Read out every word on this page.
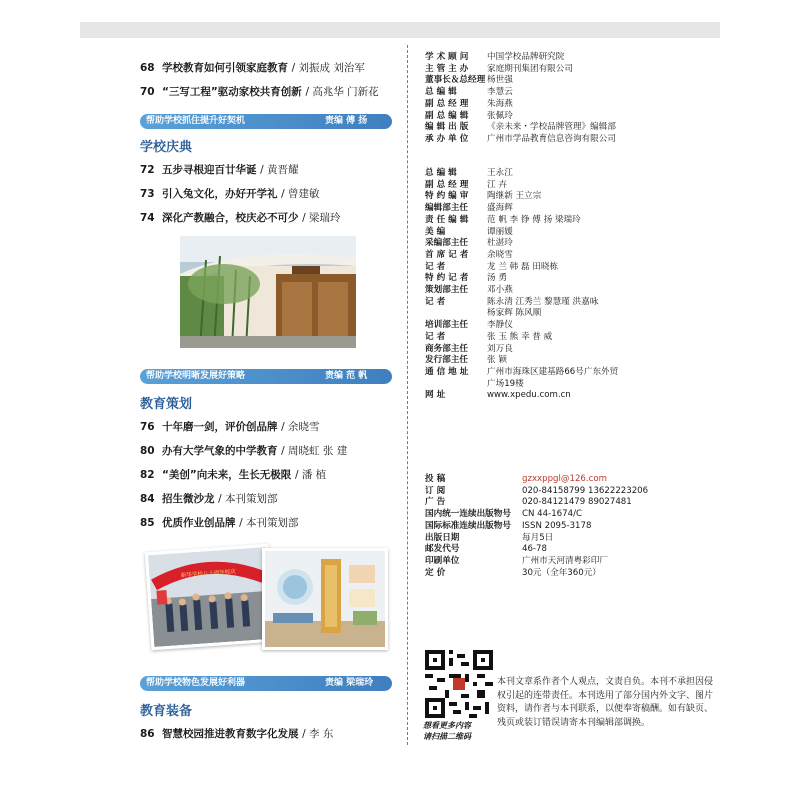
68 学校教育如何引领家庭教育 / 刘振成 刘治军
70 “三写工程”驱动家校共育创新 / 高兆华 门新花
帮助学校抓住提升好契机	责编 傅 扬
学校庆典
72 五步寻根迎百廿华诞 / 黄晋耀
73 引入兔文化，办好开学礼 / 曾建敏
74 深化产教融合，校庆必不可少 / 梁瑞玲
帮助学校明晰发展好策略	责编 范 帆
教育策划
76 十年磨一剑，评价创品牌 / 余晓雪
80 办有大学气象的中学教育 / 周晓虹 张 建
82 “美创”向未来，生长无极限 / 潘 植
84 招生微沙龙 / 本刊策划部
85 优质作业创品牌 / 本刊策划部
新华学校八十周年校庆
帮助学校物色发展好利器	责编 梁瑞玲
教育装备
86 智慧校园推进教育数字化发展 / 李 东
学 术 顾 问 中国学校品牌研究院
主 管 主 办 家庭期刊集团有限公司
董事长＆总经理 杨世强
总 编 辑	李慧云
副 总 经 理 朱海燕
副 总 编 辑 张佩玲
编 辑 出 版 《亲未来・学校品牌管理》编辑部
承 办 单 位 广州市学品教育信息咨询有限公司
总 编 辑	王永江
副 总 经 理 江 卉
特 约 编 审 陶继新 王立宗
编辑部主任 盛海辉
责 任 编 辑 范 帆 李 铮 傅 扬 梁瑞玲
美 编	谭丽媛
采编部主任 杜湛玲
首 席 记 者 余晓雪
记 者	龙 兰 韩 磊 田晓栋
特 约 记 者 汤 勇
策划部主任 邓小燕
记 者	陈永清 江秀兰 黎慧瑾 洪嘉咏
杨家辉 陈风顺
培训部主任 李静仪
记 者	张 玉 熊 幸 普 威
商务部主任 刘万良
发行部主任 张 颖
通 信 地 址 广州市海珠区建基路66号广东外贸
广场19楼
网 址	www.xpedu.com.cn
投 稿	gzxxppgl@126.com
订 阅	020-84158799 13622223206
广 告	020-84121479 89027481
国内统一连续出版物号 CN 44-1674/C
国际标准连续出版物号 ISSN 2095-3178
出版日期	每月5日
邮发代号	46-78
印刷单位	广州市天河清粤彩印厂
定 价	30元（全年360元）
想看更多内容
请扫描二维码
本刊文章系作者个人观点，文责自负。本刊不承担因侵权引起的连带责任。本刊选用了部分国内外文字、图片资料，请作者与本刊联系，以便奉寄稿酬。如有缺页、残页或装订错误请寄本刊编辑部调换。
